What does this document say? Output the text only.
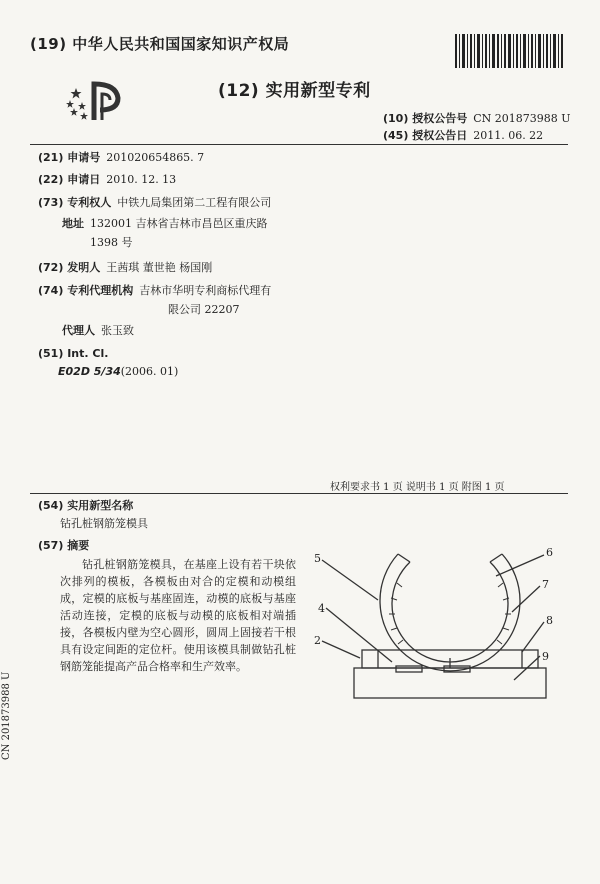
(19) 中华人民共和国国家知识产权局
(12) 实用新型专利
(10) 授权公告号 CN 201873988 U
(45) 授权公告日 2011. 06. 22
(21) 申请号 201020654865. 7
(22) 申请日 2010. 12. 13
(73) 专利权人 中铁九局集团第二工程有限公司
地址 132001 吉林省吉林市昌邑区重庆路
1398 号
(72) 发明人 王茜琪 董世艳 杨国刚
(74) 专利代理机构 吉林市华明专利商标代理有
限公司 22207
代理人 张玉致
(51) Int. Cl.
E02D 5/34(2006. 01)
权利要求书 1 页 说明书 1 页 附图 1 页
(54) 实用新型名称
钻孔桩钢筋笼模具
(57) 摘要
钻孔桩钢筋笼模具，在基座上设有若干块依次排列的模板，各模板由对合的定模和动模组成，定模的底板与基座固连，动模的底板与基座活动连接，定模的底板与动模的底板相对端插接，各模板内壁为空心圆形，圆周上固接若干根具有设定间距的定位杆。使用该模具制做钻孔桩钢筋笼能提高产品合格率和生产效率。
5	6
4
7
2
8
9
CN 201873988 U
